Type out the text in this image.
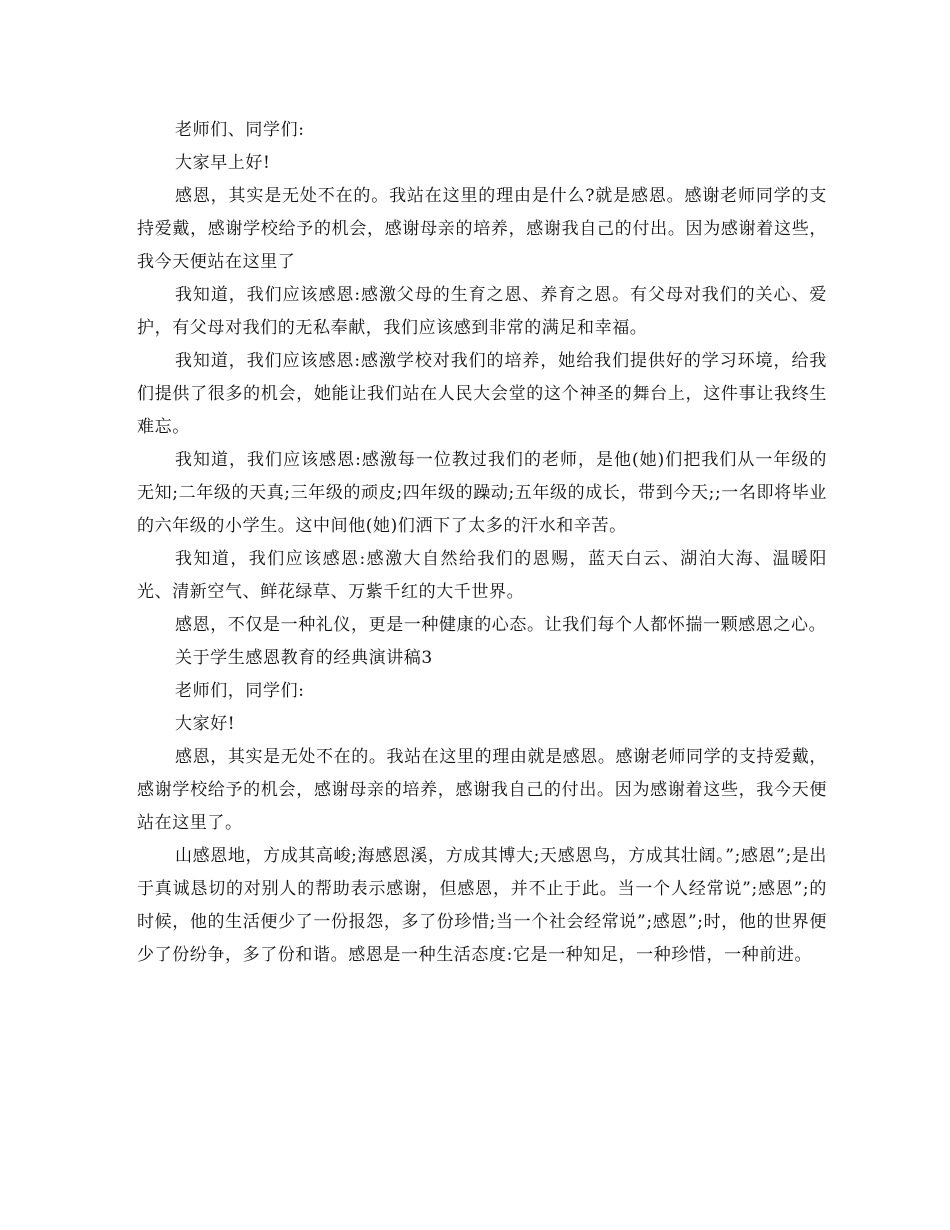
老师们、同学们:

大家早上好!

感恩，其实是无处不在的。我站在这里的理由是什么?就是感恩。感谢老师同学的支持爱戴，感谢学校给予的机会，感谢母亲的培养，感谢我自己的付出。因为感谢着这些，我今天便站在这里了

我知道，我们应该感恩:感激父母的生育之恩、养育之恩。有父母对我们的关心、爱护，有父母对我们的无私奉献，我们应该感到非常的满足和幸福。

我知道，我们应该感恩:感激学校对我们的培养，她给我们提供好的学习环境，给我们提供了很多的机会，她能让我们站在人民大会堂的这个神圣的舞台上，这件事让我终生难忘。

我知道，我们应该感恩:感激每一位教过我们的老师，是他(她)们把我们从一年级的无知;二年级的天真;三年级的顽皮;四年级的躁动;五年级的成长，带到今天;;一名即将毕业的六年级的小学生。这中间他(她)们洒下了太多的汗水和辛苦。

我知道，我们应该感恩:感激大自然给我们的恩赐，蓝天白云、湖泊大海、温暖阳光、清新空气、鲜花绿草、万紫千红的大千世界。

感恩，不仅是一种礼仪，更是一种健康的心态。让我们每个人都怀揣一颗感恩之心。

关于学生感恩教育的经典演讲稿3

老师们，同学们:

大家好!

感恩，其实是无处不在的。我站在这里的理由就是感恩。感谢老师同学的支持爱戴，感谢学校给予的机会，感谢母亲的培养，感谢我自己的付出。因为感谢着这些，我今天便站在这里了。

山感恩地，方成其高峻;海感恩溪，方成其博大;天感恩鸟，方成其壮阔。”;感恩”;是出于真诚恳切的对别人的帮助表示感谢，但感恩，并不止于此。当一个人经常说”;感恩”;的时候，他的生活便少了一份报怨，多了份珍惜;当一个社会经常说”;感恩”;时，他的世界便少了份纷争，多了份和谐。感恩是一种生活态度:它是一种知足，一种珍惜，一种前进。
